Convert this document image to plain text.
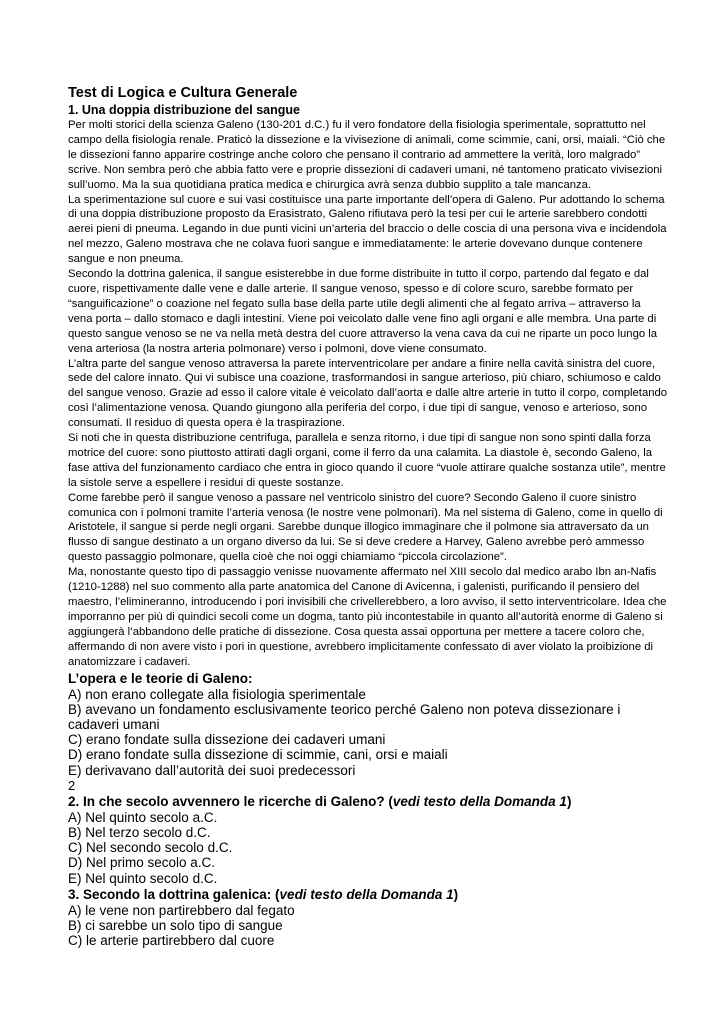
Test di Logica e Cultura Generale
1. Una doppia distribuzione del sangue

Per molti storici della scienza Galeno (130-201 d.C.) fu il vero fondatore della fisiologia sperimentale, soprattutto nel campo della fisiologia renale. Praticò la dissezione e la vivisezione di animali, come scimmie, cani, orsi, maiali. “Ciò che le dissezioni fanno apparire costringe anche coloro che pensano il contrario ad ammettere la verità, loro malgrado” scrive. Non sembra però che abbia fatto vere e proprie dissezioni di cadaveri umani, né tantomeno praticato vivisezioni sull’uomo. Ma la sua quotidiana pratica medica e chirurgica avrà senza dubbio supplito a tale mancanza.

La sperimentazione sul cuore e sui vasi costituisce una parte importante dell’opera di Galeno. Pur adottando lo schema di una doppia distribuzione proposto da Erasistrato, Galeno rifiutava però la tesi per cui le arterie sarebbero condotti aerei pieni di pneuma. Legando in due punti vicini un’arteria del braccio o delle coscia di una persona viva e incidendola nel mezzo, Galeno mostrava che ne colava fuori sangue e immediatamente: le arterie dovevano dunque contenere sangue e non pneuma.

Secondo la dottrina galenica, il sangue esisterebbe in due forme distribuite in tutto il corpo, partendo dal fegato e dal cuore, rispettivamente dalle vene e dalle arterie. Il sangue venoso, spesso e di colore scuro, sarebbe formato per “sanguificazione” o coazione nel fegato sulla base della parte utile degli alimenti che al fegato arriva – attraverso la vena porta – dallo stomaco e dagli intestini. Viene poi veicolato dalle vene fino agli organi e alle membra. Una parte di questo sangue venoso se ne va nella metà destra del cuore attraverso la vena cava da cui ne riparte un poco lungo la vena arteriosa (la nostra arteria polmonare) verso i polmoni, dove viene consumato.

L’altra parte del sangue venoso attraversa la parete interventricolare per andare a finire nella cavità sinistra del cuore, sede del calore innato. Qui vi subisce una coazione, trasformandosi in sangue arterioso, più chiaro, schiumoso e caldo del sangue venoso. Grazie ad esso il calore vitale è veicolato dall’aorta e dalle altre arterie in tutto il corpo, completando così l’alimentazione venosa. Quando giungono alla periferia del corpo, i due tipi di sangue, venoso e arterioso, sono consumati. Il residuo di questa opera è la traspirazione.

Si noti che in questa distribuzione centrifuga, parallela e senza ritorno, i due tipi di sangue non sono spinti dalla forza motrice del cuore: sono piuttosto attirati dagli organi, come il ferro da una calamita. La diastole è, secondo Galeno, la fase attiva del funzionamento cardiaco che entra in gioco quando il cuore “vuole attirare qualche sostanza utile”, mentre la sistole serve a espellere i residui di queste sostanze.

Come farebbe però il sangue venoso a passare nel ventricolo sinistro del cuore? Secondo Galeno il cuore sinistro comunica con i polmoni tramite l’arteria venosa (le nostre vene polmonari). Ma nel sistema di Galeno, come in quello di Aristotele, il sangue si perde negli organi. Sarebbe dunque illogico immaginare che il polmone sia attraversato da un flusso di sangue destinato a un organo diverso da lui. Se si deve credere a Harvey, Galeno avrebbe però ammesso questo passaggio polmonare, quella cioè che noi oggi chiamiamo “piccola circolazione”.

Ma, nonostante questo tipo di passaggio venisse nuovamente affermato nel XIII secolo dal medico arabo Ibn an-Nafis (1210-1288) nel suo commento alla parte anatomica del Canone di Avicenna, i galenisti, purificando il pensiero del maestro, l’elimineranno, introducendo i pori invisibili che crivellerebbero, a loro avviso, il setto interventricolare. Idea che imporranno per più di quindici secoli come un dogma, tanto più incontestabile in quanto all’autorità enorme di Galeno si aggiungerà l’abbandono delle pratiche di dissezione. Cosa questa assai opportuna per mettere a tacere coloro che, affermando di non avere visto i pori in questione, avrebbero implicitamente confessato di aver violato la proibizione di anatomizzare i cadaveri.

L’opera e le teorie di Galeno:

A) non erano collegate alla fisiologia sperimentale

B) avevano un fondamento esclusivamente teorico perché Galeno non poteva dissezionare i cadaveri umani

C) erano fondate sulla dissezione dei cadaveri umani

D) erano fondate sulla dissezione di scimmie, cani, orsi e maiali

E) derivavano dall’autorità dei suoi predecessori

2

2. In che secolo avvennero le ricerche di Galeno? (vedi testo della Domanda 1)

A) Nel quinto secolo a.C.

B) Nel terzo secolo d.C.

C) Nel secondo secolo d.C.

D) Nel primo secolo a.C.

E) Nel quinto secolo d.C.

3. Secondo la dottrina galenica: (vedi testo della Domanda 1)

A) le vene non partirebbero dal fegato

B) ci sarebbe un solo tipo di sangue

C) le arterie partirebbero dal cuore
